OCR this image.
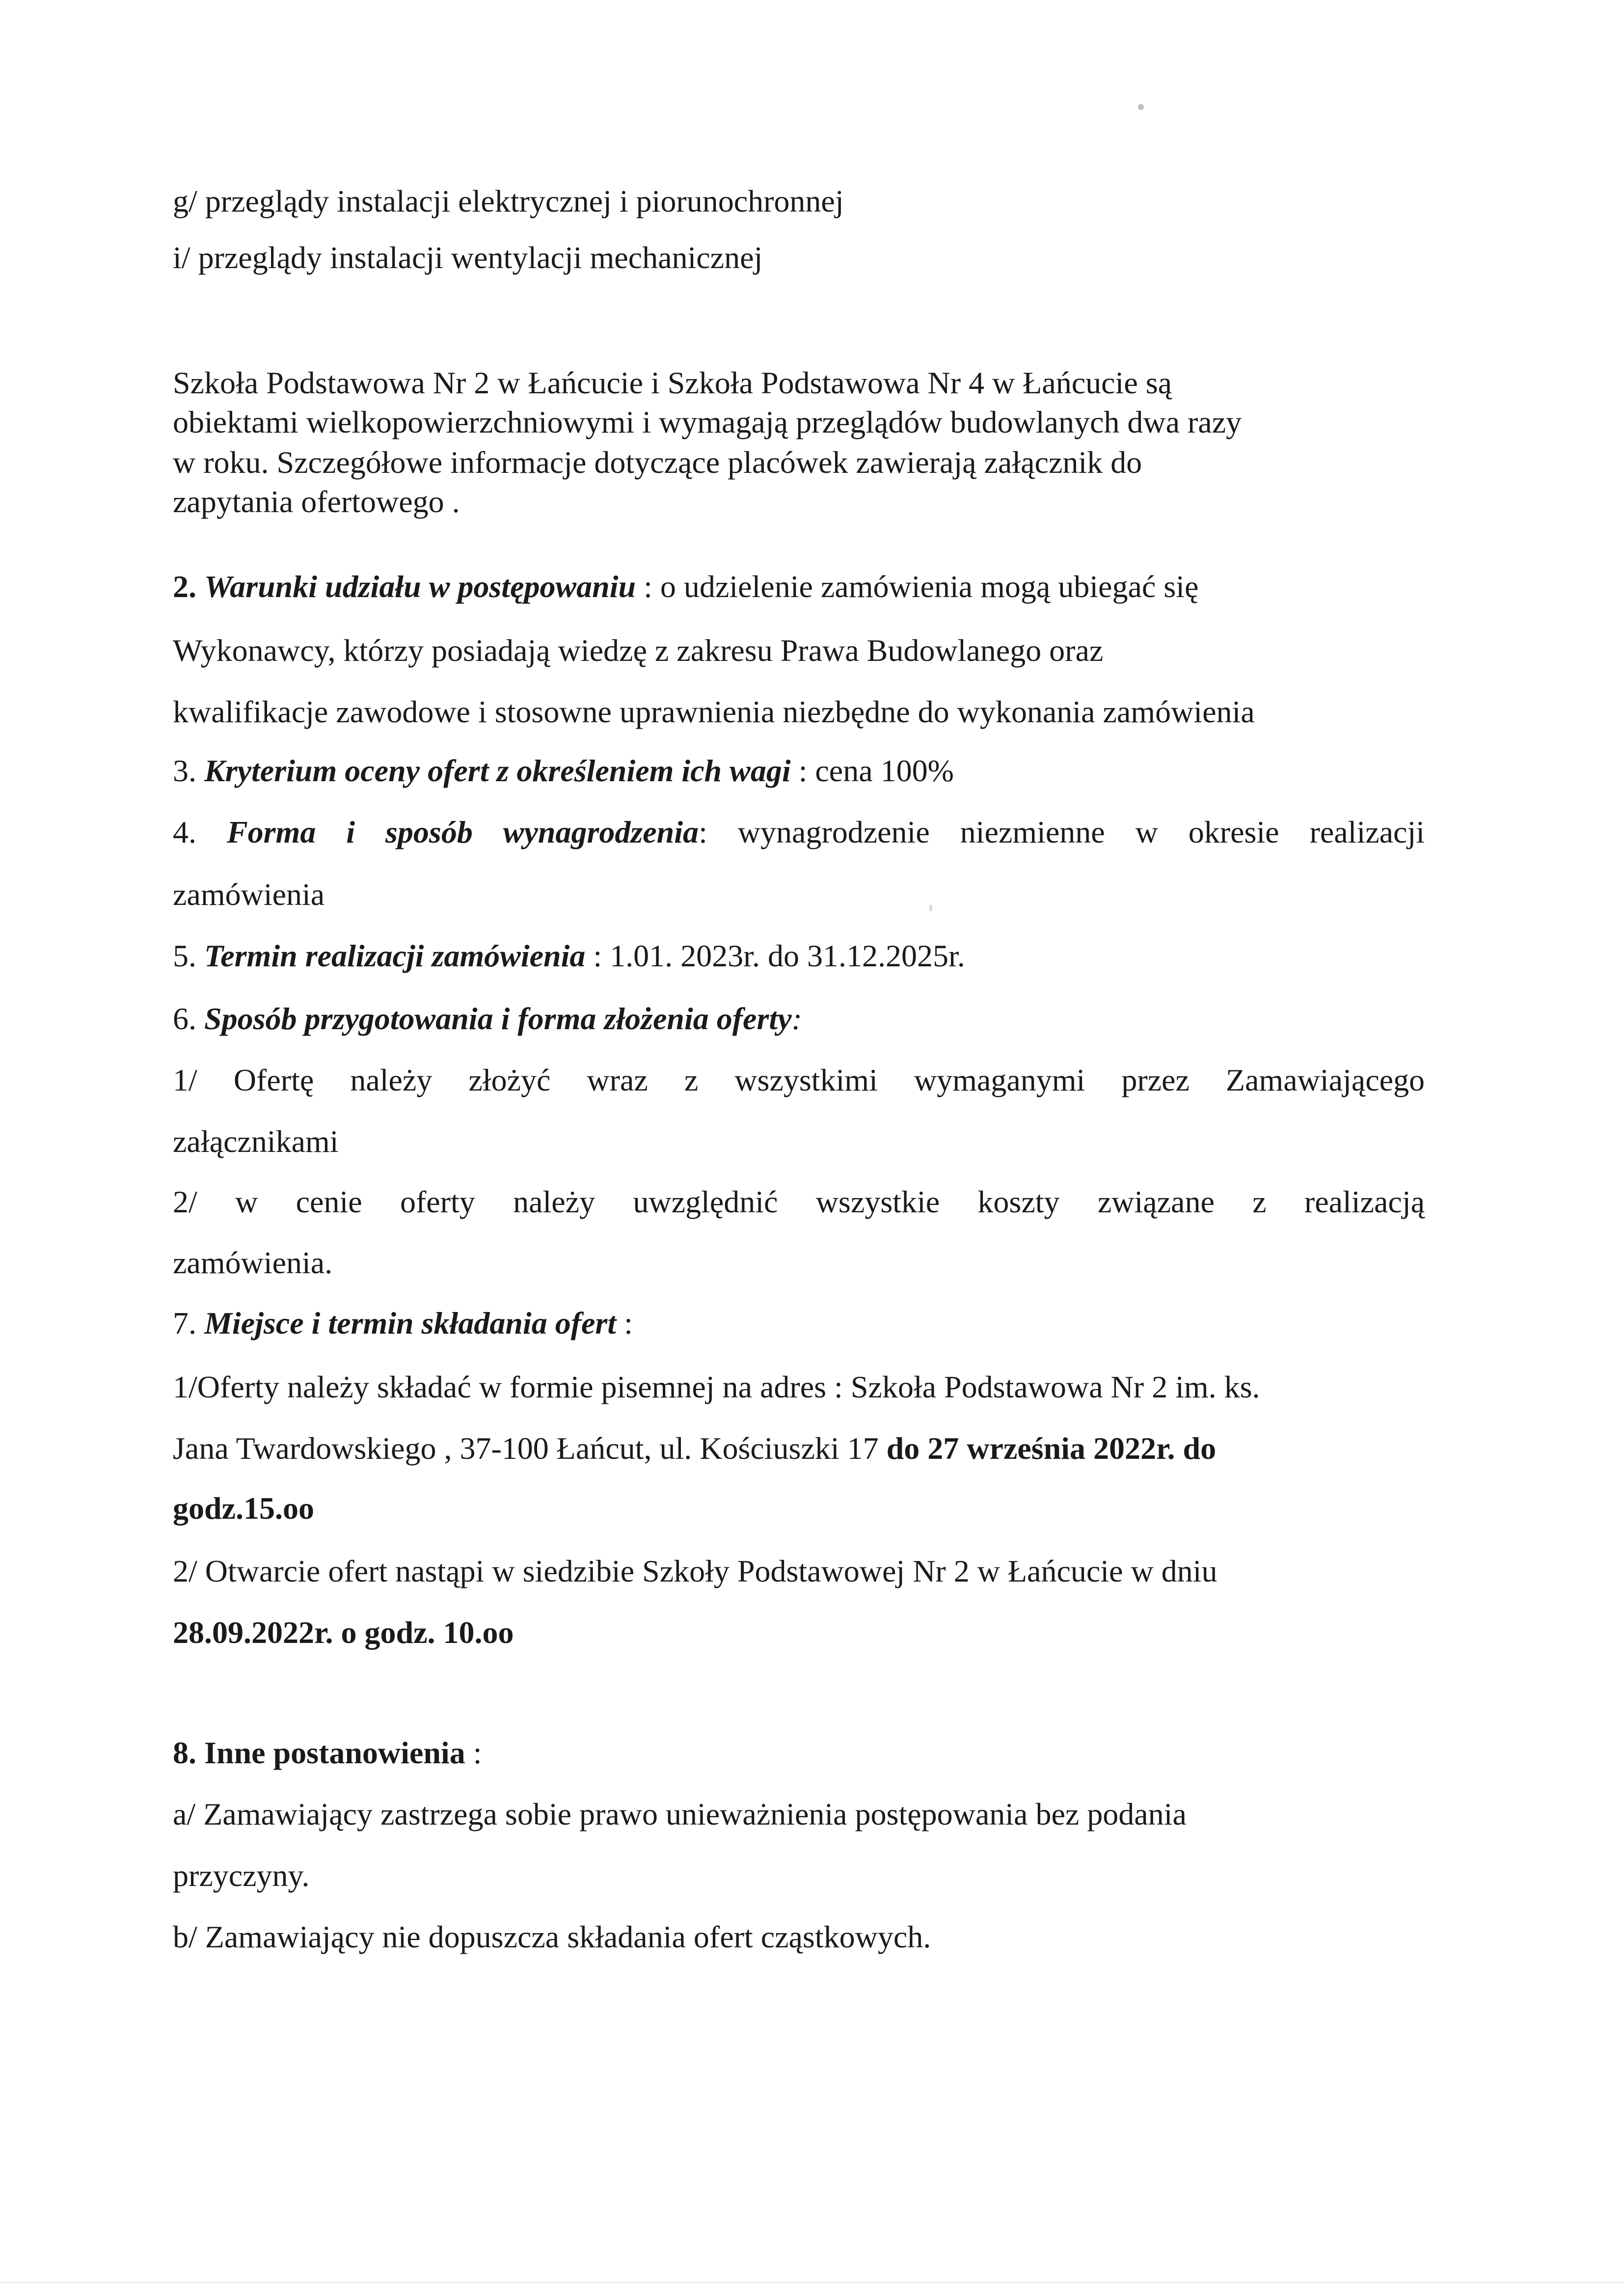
g/ przeglądy instalacji elektrycznej i piorunochronnej
i/ przeglądy instalacji wentylacji mechanicznej
Szkoła Podstawowa Nr 2 w Łańcucie i Szkoła Podstawowa Nr 4 w Łańcucie są
obiektami wielkopowierzchniowymi i wymagają przeglądów budowlanych dwa razy
w roku. Szczegółowe informacje dotyczące placówek zawierają załącznik do
zapytania ofertowego .
2. Warunki udziału w postępowaniu : o udzielenie zamówienia mogą ubiegać się
Wykonawcy, którzy posiadają wiedzę z zakresu Prawa Budowlanego oraz
kwalifikacje zawodowe i stosowne uprawnienia niezbędne do wykonania zamówienia
3. Kryterium oceny ofert z określeniem ich wagi : cena 100%
4. Forma i sposób wynagrodzenia: wynagrodzenie niezmienne w okresie realizacji
zamówienia
5. Termin realizacji zamówienia : 1.01. 2023r. do 31.12.2025r.
6. Sposób przygotowania i forma złożenia oferty:
1/ Ofertę należy złożyć wraz z wszystkimi wymaganymi przez Zamawiającego
załącznikami
2/ w cenie oferty należy uwzględnić wszystkie koszty związane z realizacją
zamówienia.
7. Miejsce i termin składania ofert :
1/Oferty należy składać w formie pisemnej na adres : Szkoła Podstawowa Nr 2 im. ks.
Jana Twardowskiego , 37-100 Łańcut, ul. Kościuszki 17 do 27 września 2022r. do
godz.15.oo
2/ Otwarcie ofert nastąpi w siedzibie Szkoły Podstawowej Nr 2 w Łańcucie w dniu
28.09.2022r. o godz. 10.oo
8. Inne postanowienia :
a/ Zamawiający zastrzega sobie prawo unieważnienia postępowania bez podania
przyczyny.
b/ Zamawiający nie dopuszcza składania ofert cząstkowych.
